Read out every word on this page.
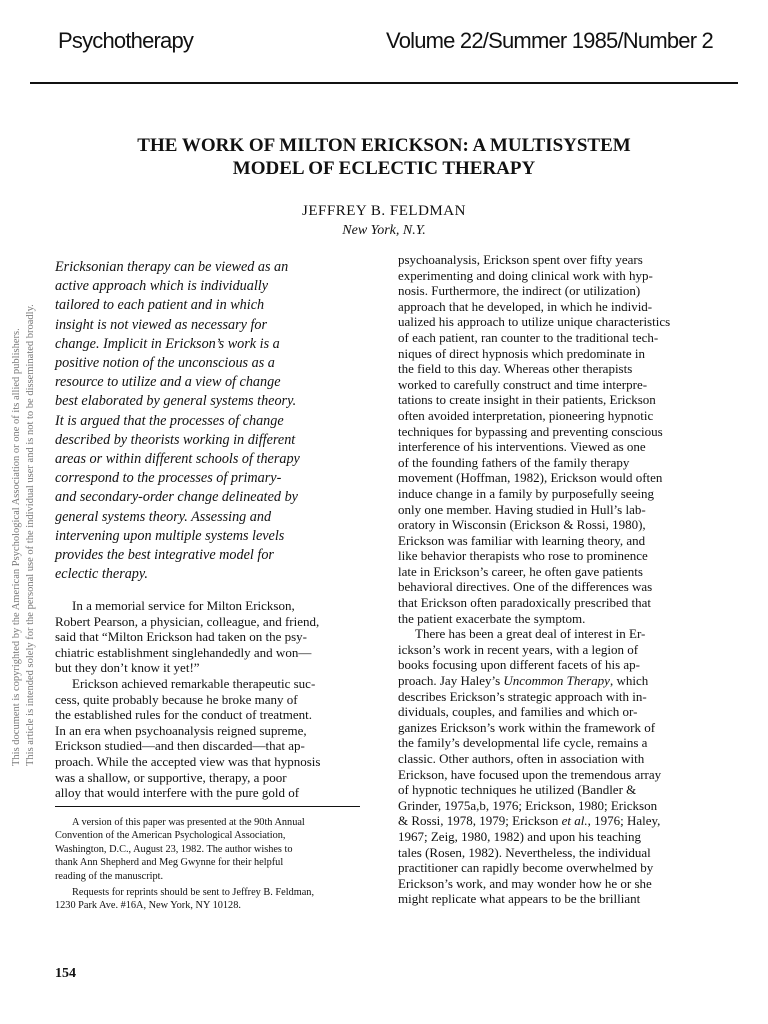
Psychotherapy	Volume 22/Summer 1985/Number 2
THE WORK OF MILTON ERICKSON: A MULTISYSTEM
MODEL OF ECLECTIC THERAPY
JEFFREY B. FELDMAN
New York, N.Y.
This document is copyrighted by the American Psychological Association or one of its allied publishers. This article is intended solely for the personal use of the individual user and is not to be disseminated broadly.
Ericksonian therapy can be viewed as an
active approach which is individually
tailored to each patient and in which
insight is not viewed as necessary for
change. Implicit in Erickson’s work is a
positive notion of the unconscious as a
resource to utilize and a view of change
best elaborated by general systems theory.
It is argued that the processes of change
described by theorists working in different
areas or within different schools of therapy
correspond to the processes of primary-
and secondary-order change delineated by
general systems theory. Assessing and
intervening upon multiple systems levels
provides the best integrative model for
eclectic therapy.
In a memorial service for Milton Erickson,
Robert Pearson, a physician, colleague, and friend,
said that “Milton Erickson had taken on the psy-
chiatric establishment singlehandedly and won—
but they don’t know it yet!”
Erickson achieved remarkable therapeutic suc-
cess, quite probably because he broke many of
the established rules for the conduct of treatment.
In an era when psychoanalysis reigned supreme,
Erickson studied—and then discarded—that ap-
proach. While the accepted view was that hypnosis
was a shallow, or supportive, therapy, a poor
alloy that would interfere with the pure gold of
A version of this paper was presented at the 90th Annual
Convention of the American Psychological Association,
Washington, D.C., August 23, 1982. The author wishes to
thank Ann Shepherd and Meg Gwynne for their helpful
reading of the manuscript.
Requests for reprints should be sent to Jeffrey B. Feldman,
1230 Park Ave. #16A, New York, NY 10128.
psychoanalysis, Erickson spent over fifty years
experimenting and doing clinical work with hyp-
nosis. Furthermore, the indirect (or utilization)
approach that he developed, in which he individ-
ualized his approach to utilize unique characteristics
of each patient, ran counter to the traditional tech-
niques of direct hypnosis which predominate in
the field to this day. Whereas other therapists
worked to carefully construct and time interpre-
tations to create insight in their patients, Erickson
often avoided interpretation, pioneering hypnotic
techniques for bypassing and preventing conscious
interference of his interventions. Viewed as one
of the founding fathers of the family therapy
movement (Hoffman, 1982), Erickson would often
induce change in a family by purposefully seeing
only one member. Having studied in Hull’s lab-
oratory in Wisconsin (Erickson & Rossi, 1980),
Erickson was familiar with learning theory, and
like behavior therapists who rose to prominence
late in Erickson’s career, he often gave patients
behavioral directives. One of the differences was
that Erickson often paradoxically prescribed that
the patient exacerbate the symptom.
There has been a great deal of interest in Er-
ickson’s work in recent years, with a legion of
books focusing upon different facets of his ap-
proach. Jay Haley’s Uncommon Therapy, which
describes Erickson’s strategic approach with in-
dividuals, couples, and families and which or-
ganizes Erickson’s work within the framework of
the family’s developmental life cycle, remains a
classic. Other authors, often in association with
Erickson, have focused upon the tremendous array
of hypnotic techniques he utilized (Bandler &
Grinder, 1975a,b, 1976; Erickson, 1980; Erickson
& Rossi, 1978, 1979; Erickson et al., 1976; Haley,
1967; Zeig, 1980, 1982) and upon his teaching
tales (Rosen, 1982). Nevertheless, the individual
practitioner can rapidly become overwhelmed by
Erickson’s work, and may wonder how he or she
might replicate what appears to be the brilliant
154
